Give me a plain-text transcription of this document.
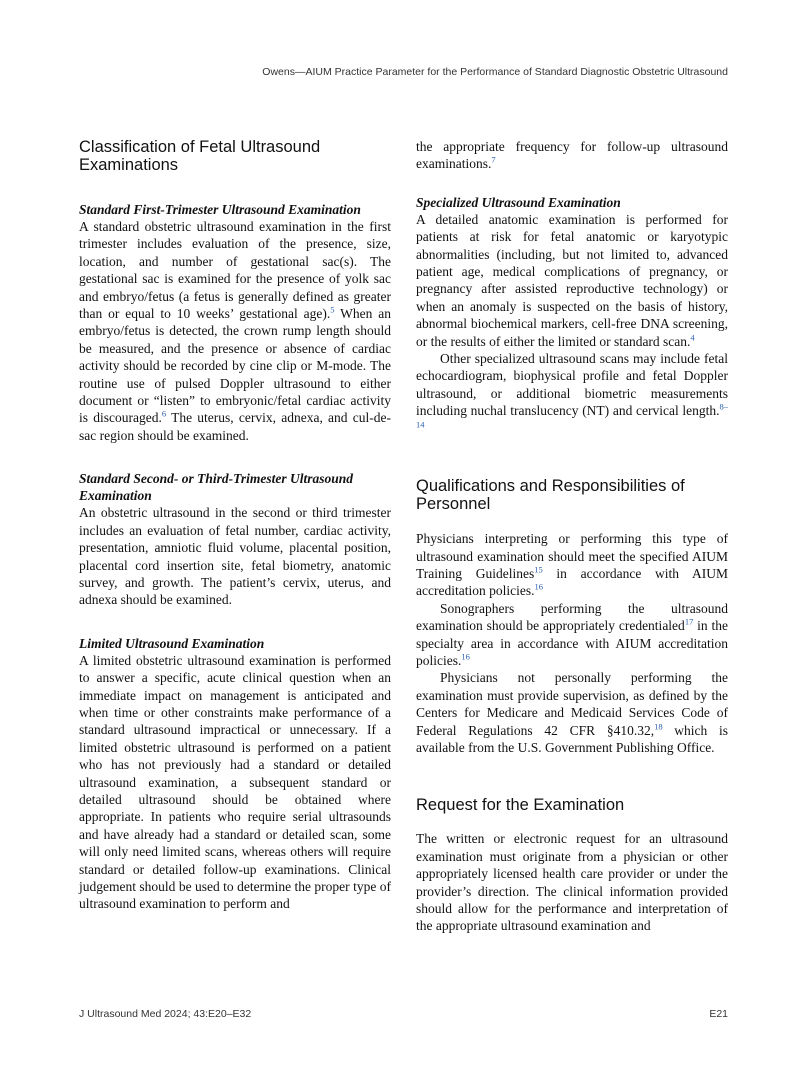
Owens—AIUM Practice Parameter for the Performance of Standard Diagnostic Obstetric Ultrasound
Classification of Fetal Ultrasound Examinations
Standard First-Trimester Ultrasound Examination

A standard obstetric ultrasound examination in the first trimester includes evaluation of the presence, size, location, and number of gestational sac(s). The gestational sac is examined for the presence of yolk sac and embryo/fetus (a fetus is generally defined as greater than or equal to 10 weeks’ gestational age).$^5$ When an embryo/fetus is detected, the crown rump length should be measured, and the presence or absence of cardiac activity should be recorded by cine clip or M-mode. The routine use of pulsed Doppler ultrasound to either document or “listen” to embryonic/fetal cardiac activity is discouraged.$^6$ The uterus, cervix, adnexa, and cul-de-sac region should be examined.

Standard Second- or Third-Trimester Ultrasound Examination

An obstetric ultrasound in the second or third trimester includes an evaluation of fetal number, cardiac activity, presentation, amniotic fluid volume, placental position, placental cord insertion site, fetal biometry, anatomic survey, and growth. The patient’s cervix, uterus, and adnexa should be examined.

Limited Ultrasound Examination

A limited obstetric ultrasound examination is performed to answer a specific, acute clinical question when an immediate impact on management is anticipated and when time or other constraints make performance of a standard ultrasound impractical or unnecessary. If a limited obstetric ultrasound is performed on a patient who has not previously had a standard or detailed ultrasound examination, a subsequent standard or detailed ultrasound should be obtained where appropriate. In patients who require serial ultrasounds and have already had a standard or detailed scan, some will only need limited scans, whereas others will require standard or detailed follow-up examinations. Clinical judgement should be used to determine the proper type of ultrasound examination to perform and

the appropriate frequency for follow-up ultrasound examinations.$^7$

Specialized Ultrasound Examination

A detailed anatomic examination is performed for patients at risk for fetal anatomic or karyotypic abnormalities (including, but not limited to, advanced patient age, medical complications of pregnancy, or pregnancy after assisted reproductive technology) or when an anomaly is suspected on the basis of history, abnormal biochemical markers, cell-free DNA screening, or the results of either the limited or standard scan.$^4$

Other specialized ultrasound scans may include fetal echocardiogram, biophysical profile and fetal Doppler ultrasound, or additional biometric measurements including nuchal translucency (NT) and cervical length.$^{8-14}$

Qualifications and Responsibilities of Personnel

Physicians interpreting or performing this type of ultrasound examination should meet the specified AIUM Training Guidelines$^{15}$ in accordance with AIUM accreditation policies.$^{16}$

Sonographers performing the ultrasound examination should be appropriately credentialed$^{17}$ in the specialty area in accordance with AIUM accreditation policies.$^{16}$

Physicians not personally performing the examination must provide supervision, as defined by the Centers for Medicare and Medicaid Services Code of Federal Regulations 42 CFR §410.32,18 which is available from the U.S. Government Publishing Office.

Request for the Examination

The written or electronic request for an ultrasound examination must originate from a physician or other appropriately licensed health care provider or under the provider’s direction. The clinical information provided should allow for the performance and interpretation of the appropriate ultrasound examination and

J Ultrasound Med 2024; 43:E20–E32	E21
